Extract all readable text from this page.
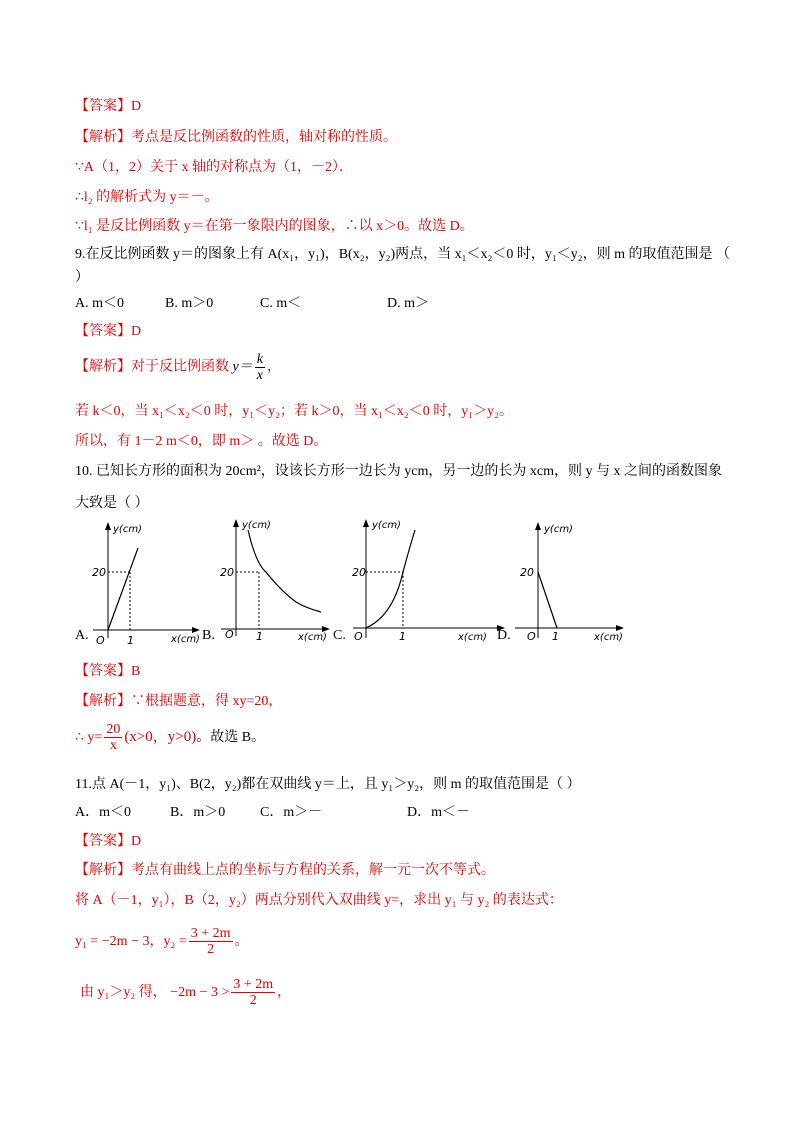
【答案】D
【解析】考点是反比例函数的性质，轴对称的性质。
∵A（1，2）关于 x 轴的对称点为（1，－2）．
∴l₂ 的解析式为 y＝－。
∵l₁ 是反比例函数 y＝在第一象限内的图象，∴以 x＞0。故选 D。
9.在反比例函数 y＝的图象上有 A(x₁，y₁)，B(x₂，y₂)两点，当 x₁＜x₂＜0 时，y₁＜y₂，则 m 的取值范围是 （
）
A. m＜0	B. m＞0	C. m＜	D. m＞
【答案】D
【解析】对于反比例函数 $y= \frac{k}{x}$ ，
若 k＜0，当 x₁＜x₂＜0 时，y₁＜y₂；若 k＞0，当 x₁＜x₂＜0 时，y₁＞y₂。
所以，有 1－2 m＜0，即 m＞ 。故选 D。
10. 已知长方形的面积为 20cm²，设该长方形一边长为 ycm，另一边的长为 xcm，则 y 与 x 之间的函数图象
大致是（ ）
y(cm)
20
O 1	x(cm)
A.
y(cm)
20
O 1	x(cm)
B.
y(cm)
20
O	1	x(cm)
C.
y(cm)
20
O 1	x(cm)
D.
【答案】B
【解析】∵根据题意，得 xy=20，
∴ $y= \frac{20}{x} (x>0$，y>0)。故选 B。
11.点 A(－1，y₁)、B(2，y₂)都在双曲线 y＝上，且 y₁＞y₂，则 m 的取值范围是（ ）
A．m＜0	B．m＞0 C．m＞－	D．m＜－
【答案】D
【解析】考点有曲线上点的坐标与方程的关系，解一元一次不等式。
将 A（－1，y₁），B（2，y₂）两点分别代入双曲线 y=，求出 y₁ 与 y₂ 的表达式：
y₁ = −2m − 3，$y_2 = \frac{3 + 2m}{2}$ 。
由 y₁＞y₂ 得， $-2m - 3 > \frac{3 + 2m}{2}$ ，
